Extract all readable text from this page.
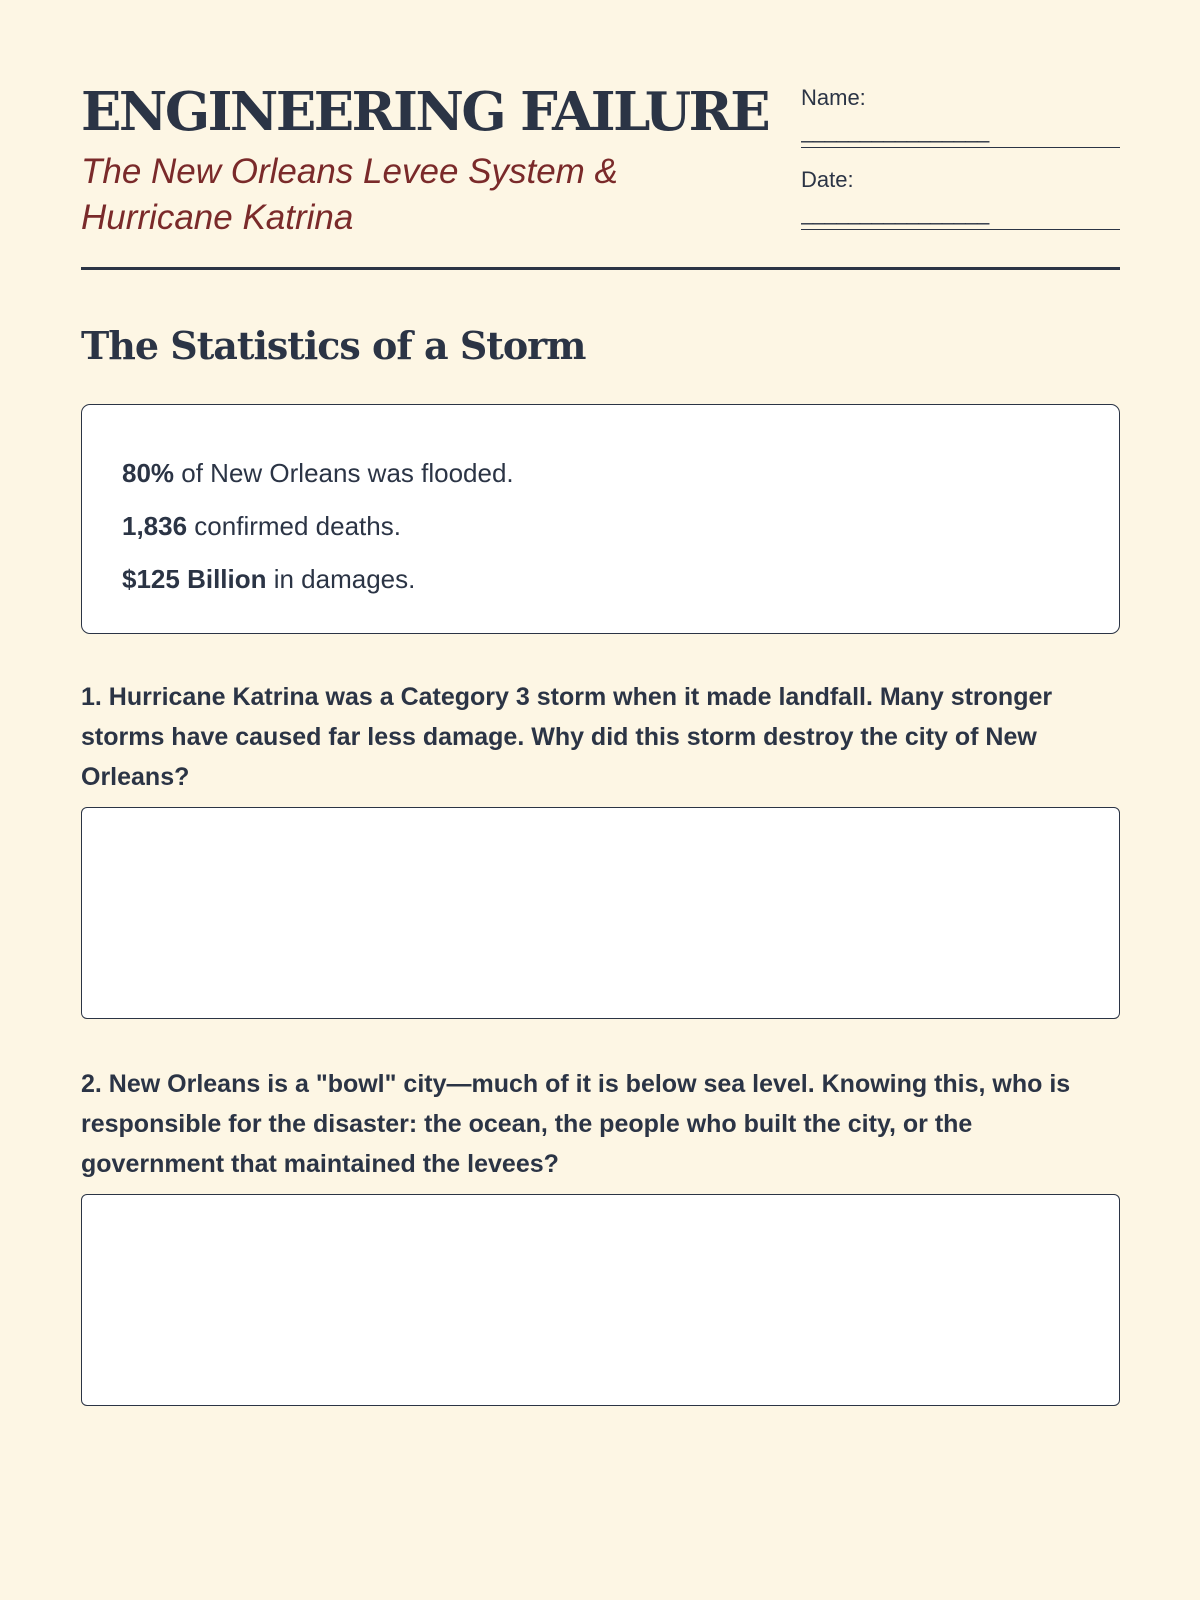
ENGINEERING FAILURE

The New Orleans Levee System & Hurricane Katrina

Name:
________________
Date:
________________
The Statistics of a Storm
80% of New Orleans was flooded.
1,836 confirmed deaths.
$125 Billion in damages.

1. Hurricane Katrina was a Category 3 storm when it made landfall. Many stronger storms have caused far less damage. Why did this storm destroy the city of New Orleans?

2. New Orleans is a "bowl" city—much of it is below sea level. Knowing this, who is responsible for the disaster: the ocean, the people who built the city, or the government that maintained the levees?
